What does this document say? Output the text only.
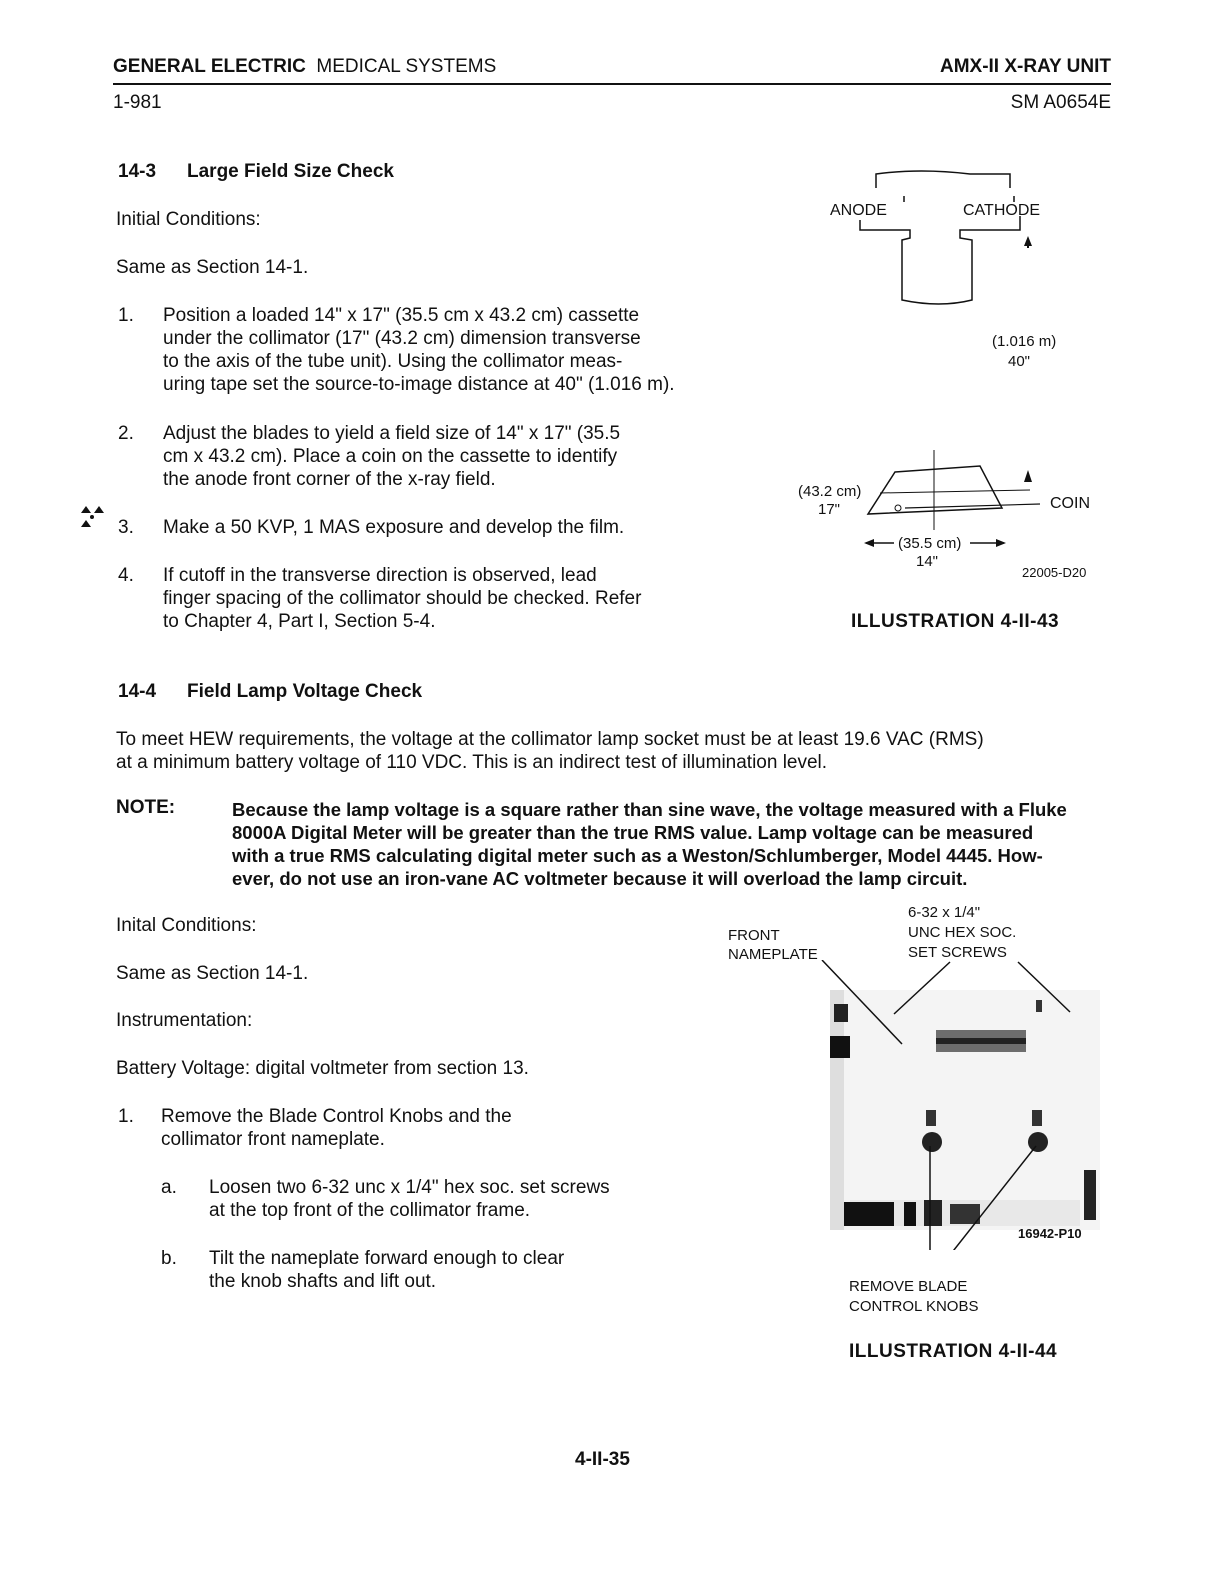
GENERAL ELECTRIC MEDICAL SYSTEMS	AMX-II X-RAY UNIT
1-981	SM A0654E
14-3 Large Field Size Check
Initial Conditions:
Same as Section 14-1.
1. Position a loaded 14" x 17" (35.5 cm x 43.2 cm) cassette
under the collimator (17" (43.2 cm) dimension transverse
to the axis of the tube unit). Using the collimator meas-
uring tape set the source-to-image distance at 40" (1.016 m).
2. Adjust the blades to yield a field size of 14" x 17" (35.5
cm x 43.2 cm). Place a coin on the cassette to identify
the anode front corner of the x-ray field.
3. Make a 50 KVP, 1 MAS exposure and develop the film.
4. If cutoff in the transverse direction is observed, lead
finger spacing of the collimator should be checked. Refer
to Chapter 4, Part I, Section 5-4.
ANODE	CATHODE
(1.016 m)
40"
(43.2 cm)
17"	COIN
(35.5 cm)
14"
22005-D20
ILLUSTRATION 4-II-43
14-4 Field Lamp Voltage Check
To meet HEW requirements, the voltage at the collimator lamp socket must be at least 19.6 VAC (RMS)
at a minimum battery voltage of 110 VDC. This is an indirect test of illumination level.
NOTE:	Because the lamp voltage is a square rather than sine wave, the voltage measured with a Fluke
8000A Digital Meter will be greater than the true RMS value. Lamp voltage can be measured
with a true RMS calculating digital meter such as a Weston/Schlumberger, Model 4445. How-
ever, do not use an iron-vane AC voltmeter because it will overload the lamp circuit.
Inital Conditions:
Same as Section 14-1.
Instrumentation:
Battery Voltage: digital voltmeter from section 13.
1. Remove the Blade Control Knobs and the
collimator front nameplate.
a. Loosen two 6-32 unc x 1/4" hex soc. set screws
at the top front of the collimator frame.
b. Tilt the nameplate forward enough to clear
the knob shafts and lift out.
FRONT
NAMEPLATE
6-32 x 1/4"
UNC HEX SOC.
SET SCREWS
16942-P10
REMOVE BLADE
CONTROL KNOBS
ILLUSTRATION 4-II-44
4-II-35
